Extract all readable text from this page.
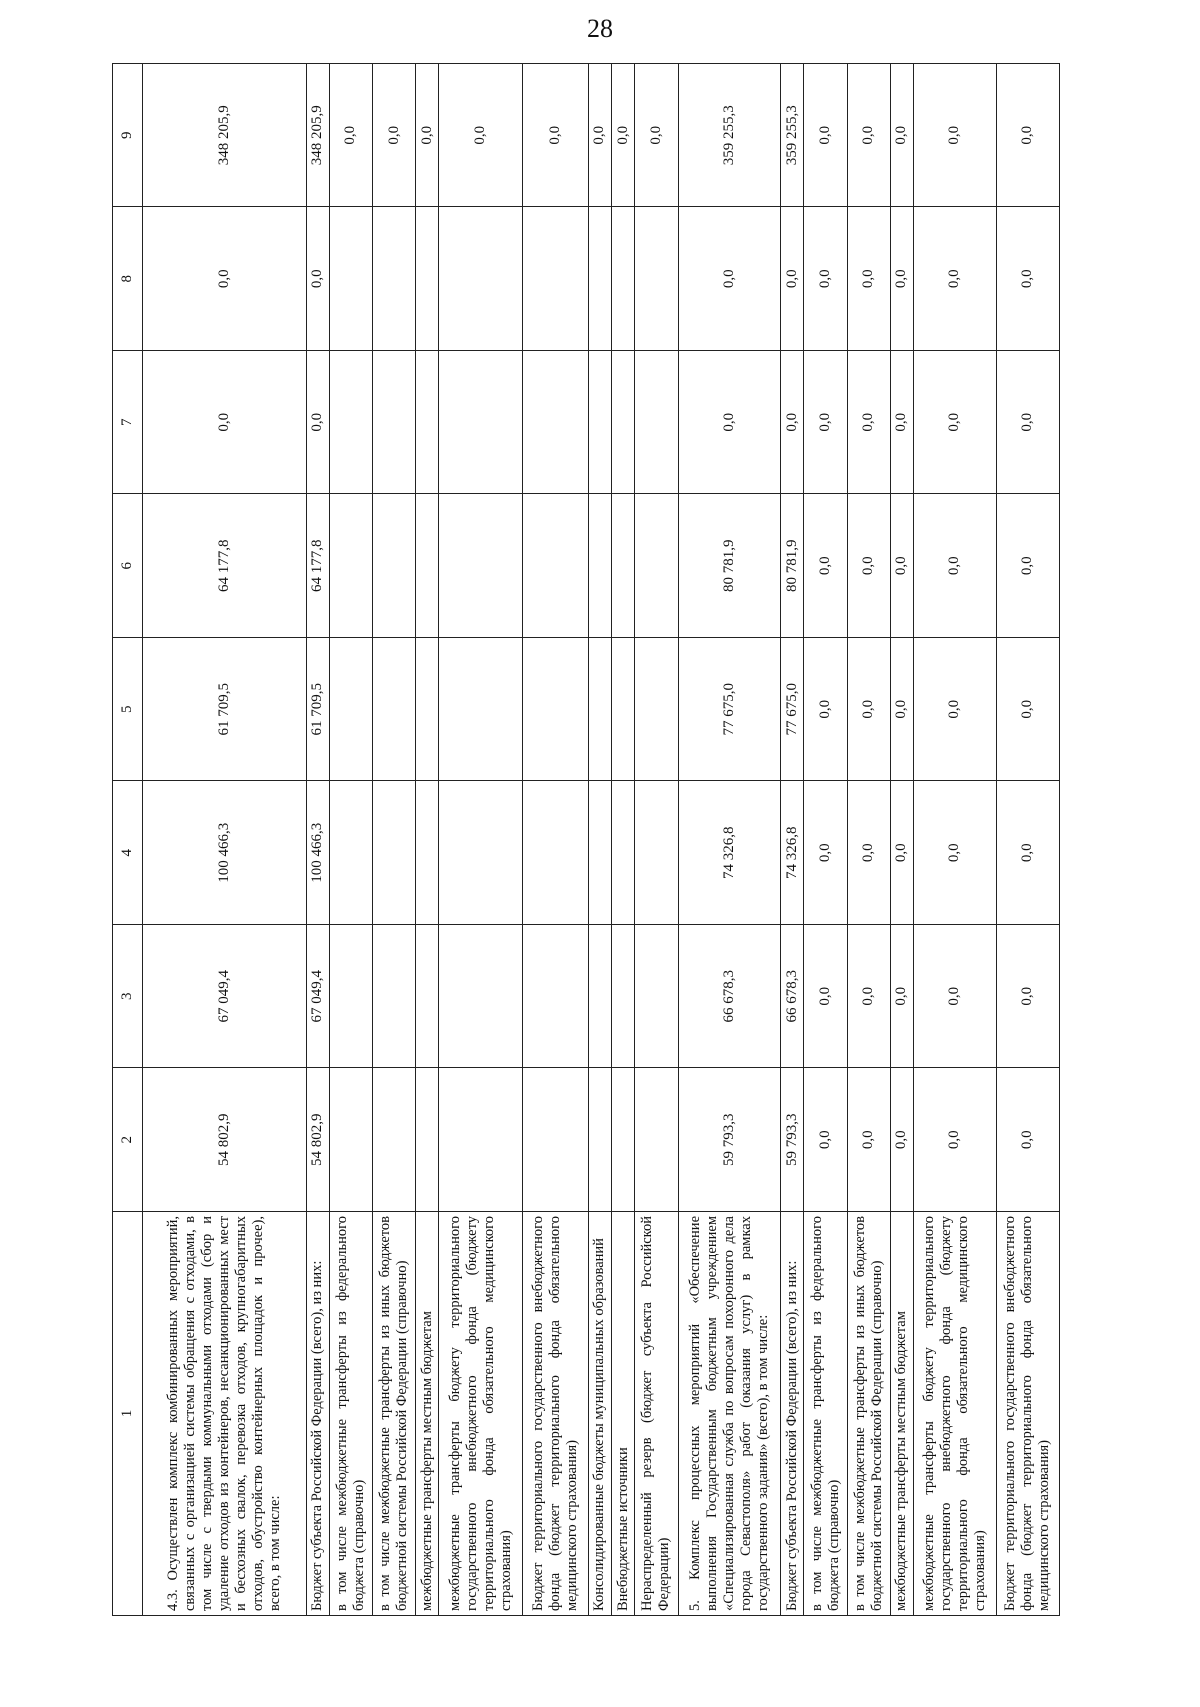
28
1	2	3	4	5	6	7	8	9
4.3. Осуществлен комплекс комбинированных мероприятий, связанных с организацией системы обращения с отходами, в том числе с твердыми коммунальными отходами (сбор и удаление отходов из контейнеров, несанкционированных мест и бесхозных свалок, перевозка отходов, крупногабаритных отходов, обустройство контейнерных площадок и прочее), всего, в том числе:	54 802,9	67 049,4	100 466,3	61 709,5	64 177,8	0,0	0,0	348 205,9
Бюджет субъекта Российской Федерации (всего), из них:	54 802,9	67 049,4	100 466,3	61 709,5	64 177,8	0,0	0,0	348 205,9
в том числе межбюджетные трансферты из федерального бюджета (справочно)								0,0
в том числе межбюджетные трансферты из иных бюджетов бюджетной системы Российской Федерации (справочно)								0,0
межбюджетные трансферты местным бюджетам								0,0
межбюджетные трансферты бюджету территориального государственного внебюджетного фонда (бюджету территориального фонда обязательного медицинского страхования)								0,0
Бюджет территориального государственного внебюджетного фонда (бюджет территориального фонда обязательного медицинского страхования)								0,0
Консолидированные бюджеты муниципальных образований								0,0
Внебюджетные источники								0,0
Нераспределенный резерв (бюджет субъекта Российской Федерации)								0,0
5. Комплекс процессных мероприятий «Обеспечение выполнения Государственным бюджетным учреждением «Специализированная служба по вопросам похоронного дела города Севастополя» работ (оказания услуг) в рамках государственного задания» (всего), в том числе:	59 793,3	66 678,3	74 326,8	77 675,0	80 781,9	0,0	0,0	359 255,3
Бюджет субъекта Российской Федерации (всего), из них:	59 793,3	66 678,3	74 326,8	77 675,0	80 781,9	0,0	0,0	359 255,3
в том числе межбюджетные трансферты из федерального бюджета (справочно)	0,0	0,0	0,0	0,0	0,0	0,0	0,0	0,0
в том числе межбюджетные трансферты из иных бюджетов бюджетной системы Российской Федерации (справочно)	0,0	0,0	0,0	0,0	0,0	0,0	0,0	0,0
межбюджетные трансферты местным бюджетам	0,0	0,0	0,0	0,0	0,0	0,0	0,0	0,0
межбюджетные трансферты бюджету территориального государственного внебюджетного фонда (бюджету территориального фонда обязательного медицинского страхования)	0,0	0,0	0,0	0,0	0,0	0,0	0,0	0,0
Бюджет территориального государственного внебюджетного фонда (бюджет территориального фонда обязательного медицинского страхования)	0,0	0,0	0,0	0,0	0,0	0,0	0,0	0,0
